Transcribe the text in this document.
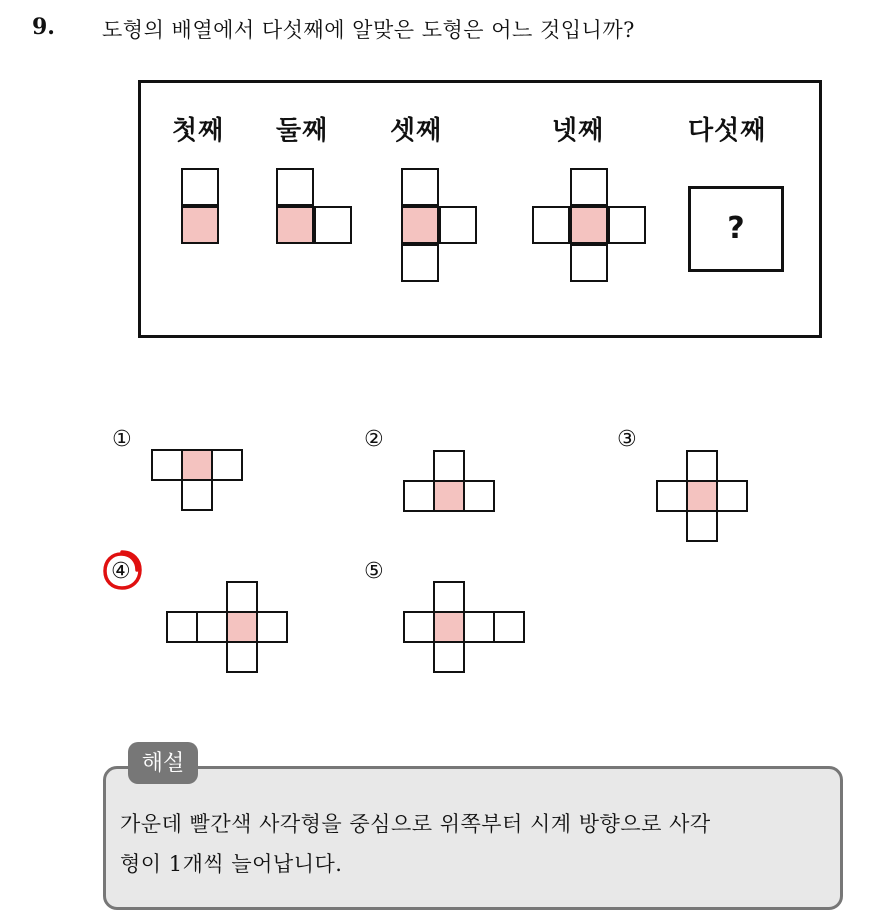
9. 도형의 배열에서 다섯째에 알맞은 도형은 어느 것입니까?
첫째 둘째 셋째	넷째	다섯째
?
①	②	③
④	⑤
해설
가운데 빨간색 사각형을 중심으로 위쪽부터 시계 방향으로 사각
형이 1개씩 늘어납니다.
